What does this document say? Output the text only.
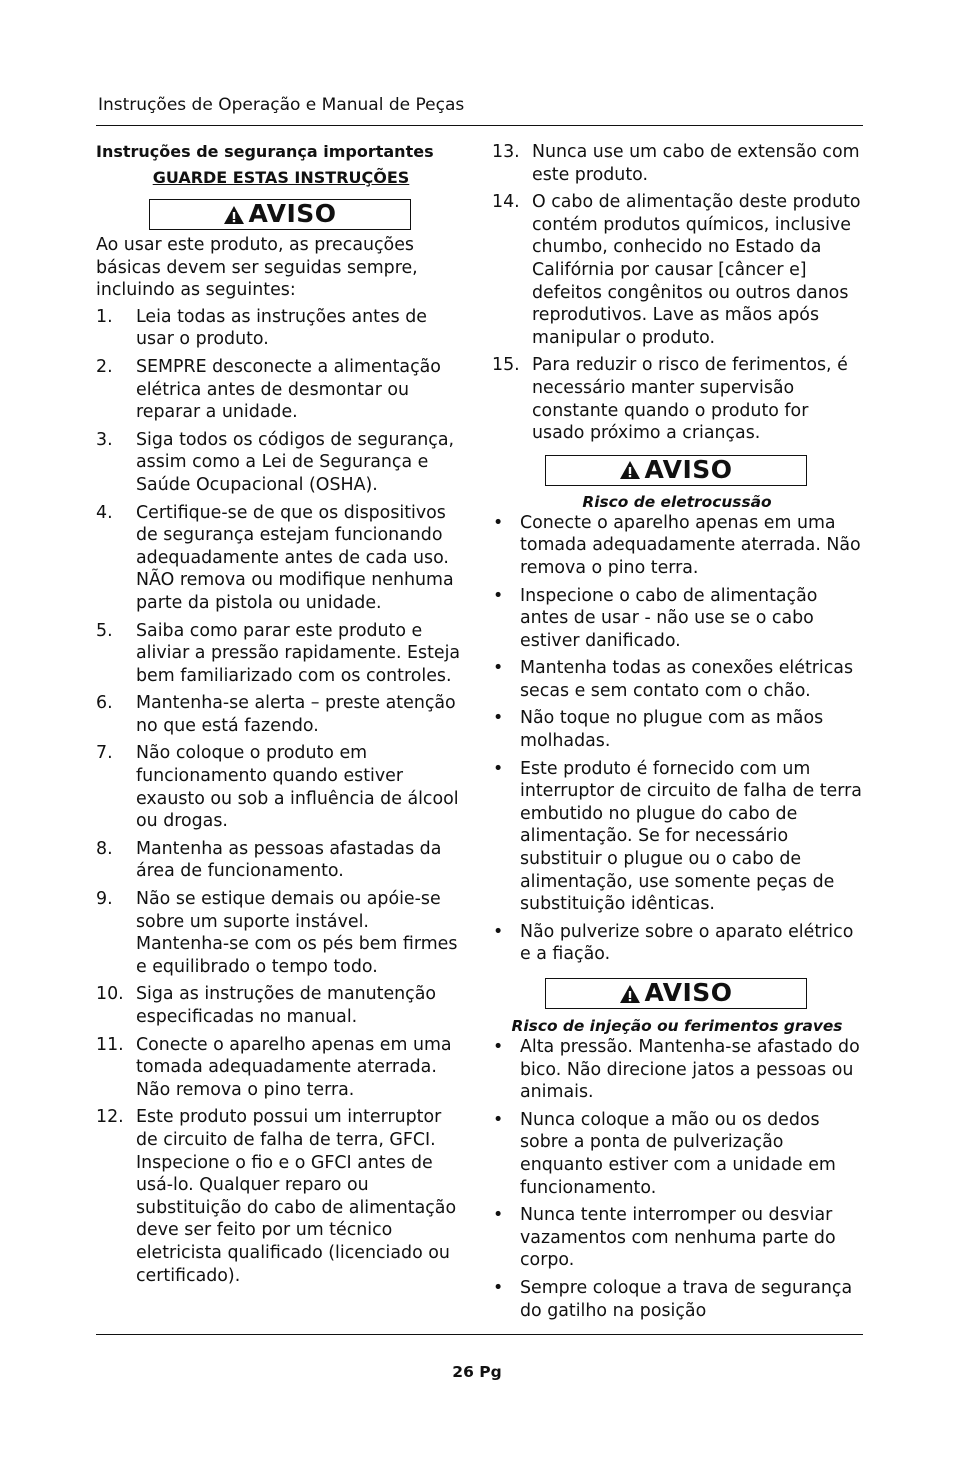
Instruções de Operação e Manual de Peças

Instruções de segurança importantes

GUARDE ESTAS INSTRUÇÕES

AVISO
Ao usar este produto, as precauções básicas devem ser seguidas sempre, incluindo as seguintes:
1.	Leia todas as instruções antes de usar o produto.
2.	SEMPRE desconecte a alimentação elétrica antes de desmontar ou reparar a unidade.
3.	Siga todos os códigos de segurança, assim como a Lei de Segurança e Saúde Ocupacional (OSHA).
4.	Certifique-se de que os dispositivos de segurança estejam funcionando adequadamente antes de cada uso. NÃO remova ou modifique nenhuma parte da pistola ou unidade.
5.	Saiba como parar este produto e aliviar a pressão rapidamente. Esteja bem familiarizado com os controles.
6.	Mantenha-se alerta – preste atenção no que está fazendo.
7.	Não coloque o produto em funcionamento quando estiver exausto ou sob a influência de álcool ou drogas.
8.	Mantenha as pessoas afastadas da área de funcionamento.
9.	Não se estique demais ou apóie-se sobre um suporte instável. Mantenha-se com os pés bem firmes e equilibrado o tempo todo.
10. Siga as instruções de manutenção especificadas no manual.
11. Conecte o aparelho apenas em uma tomada adequadamente aterrada. Não remova o pino terra.
12. Este produto possui um interruptor de circuito de falha de terra, GFCI. Inspecione o fio e o GFCI antes de usá-lo. Qualquer reparo ou substituição do cabo de alimentação deve ser feito por um técnico eletricista qualificado (licenciado ou certificado).
13. Nunca use um cabo de extensão com este produto.
14. O cabo de alimentação deste produto contém produtos químicos, inclusive chumbo, conhecido no Estado da Califórnia por causar [câncer e] defeitos congênitos ou outros danos reprodutivos. Lave as mãos após manipular o produto.
15. Para reduzir o risco de ferimentos, é necessário manter supervisão constante quando o produto for usado próximo a crianças.
AVISO
Risco de eletrocussão
• Conecte o aparelho apenas em uma tomada adequadamente aterrada. Não remova o pino terra.
• Inspecione o cabo de alimentação antes de usar - não use se o cabo estiver danificado.
• Mantenha todas as conexões elétricas secas e sem contato com o chão.
• Não toque no plugue com as mãos molhadas.
• Este produto é fornecido com um interruptor de circuito de falha de terra embutido no plugue do cabo de alimentação. Se for necessário substituir o plugue ou o cabo de alimentação, use somente peças de substituição idênticas.
• Não pulverize sobre o aparato elétrico e a fiação.
AVISO
Risco de injeção ou ferimentos graves
• Alta pressão. Mantenha-se afastado do bico. Não direcione jatos a pessoas ou animais.
• Nunca coloque a mão ou os dedos sobre a ponta de pulverização enquanto estiver com a unidade em funcionamento.
• Nunca tente interromper ou desviar vazamentos com nenhuma parte do corpo.
• Sempre coloque a trava de segurança do gatilho na posição
26 Pg
